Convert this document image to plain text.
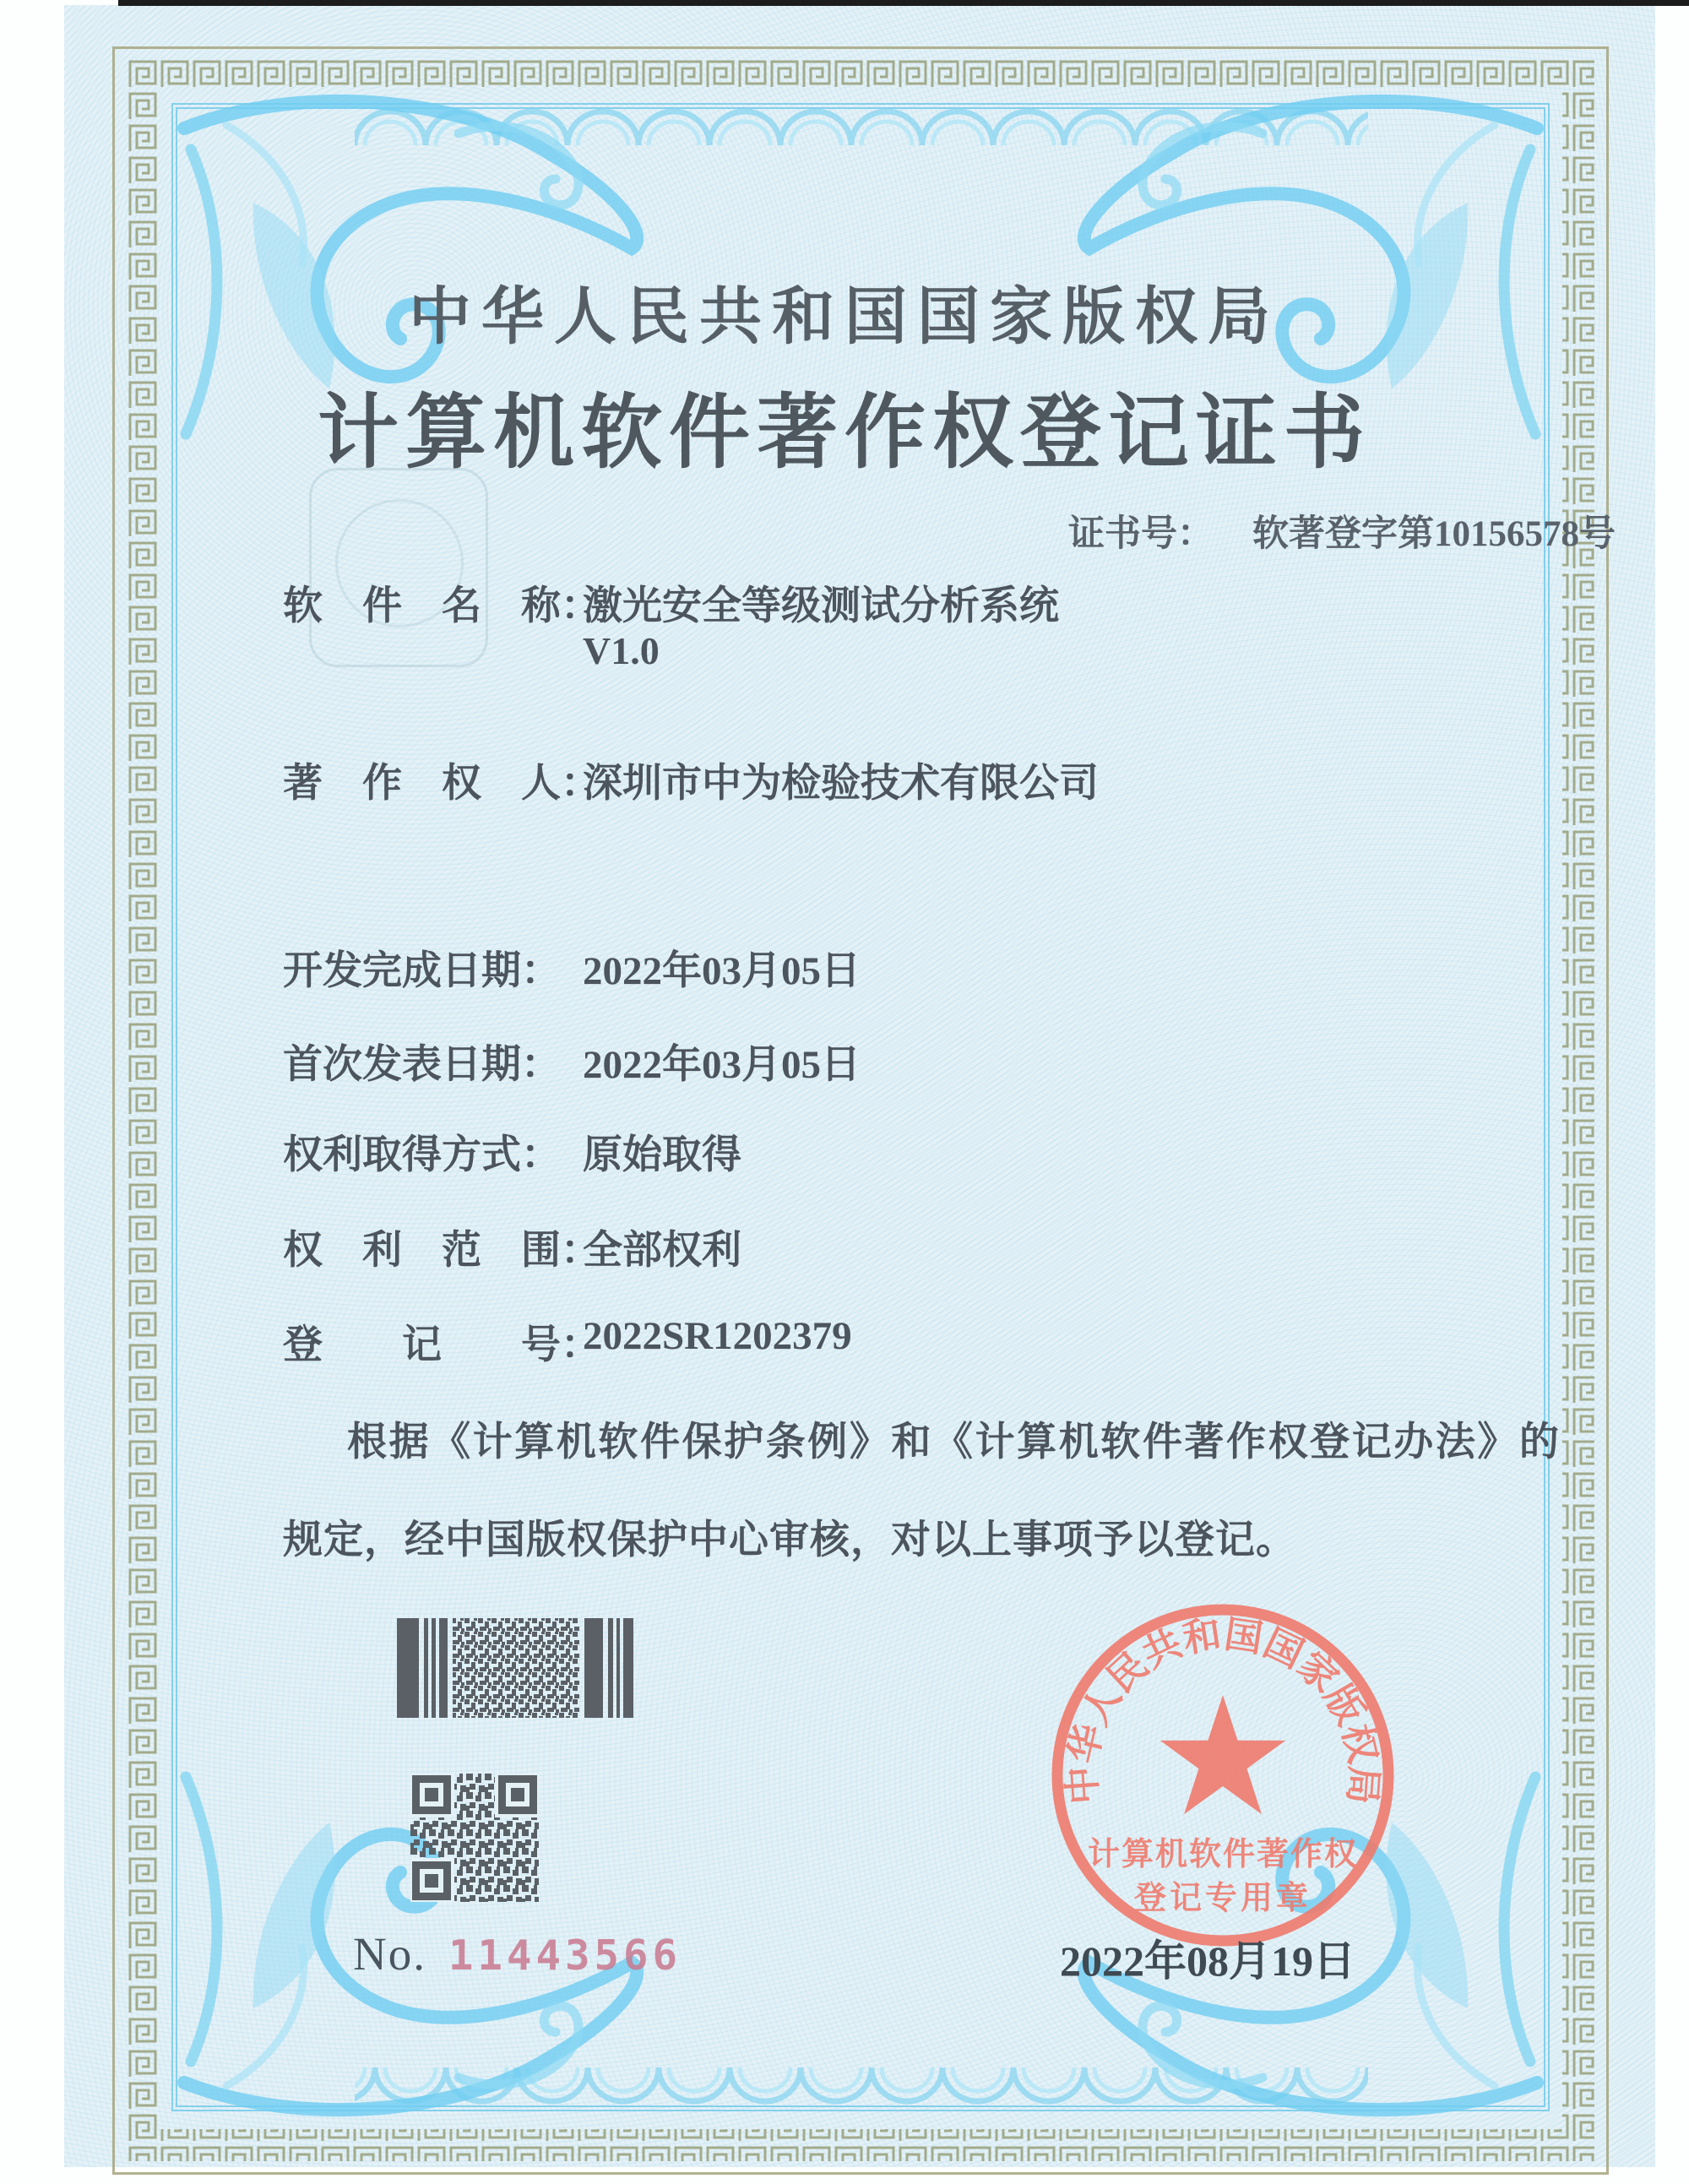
中华人民共和国国家版权局
计算机软件著作权登记证书
证书号： 软著登字第10156578号
软　件　名　称：
激光安全等级测试分析系统
V1.0
著　作　权　人：
深圳市中为检验技术有限公司
开发完成日期： 2022年03月05日
首次发表日期： 2022年03月05日
权利取得方式： 原始取得
权　利　范　围：
全部权利
登　　记　　号：
2022SR1202379
根据《计算机软件保护条例》和《计算机软件著作权登记办法》的规定，经中国版权保护中心审核，对以上事项予以登记。
No. 11443566
中华人民共和国国家版权局
计算机软件著作权
登记专用章
2022年08月19日
